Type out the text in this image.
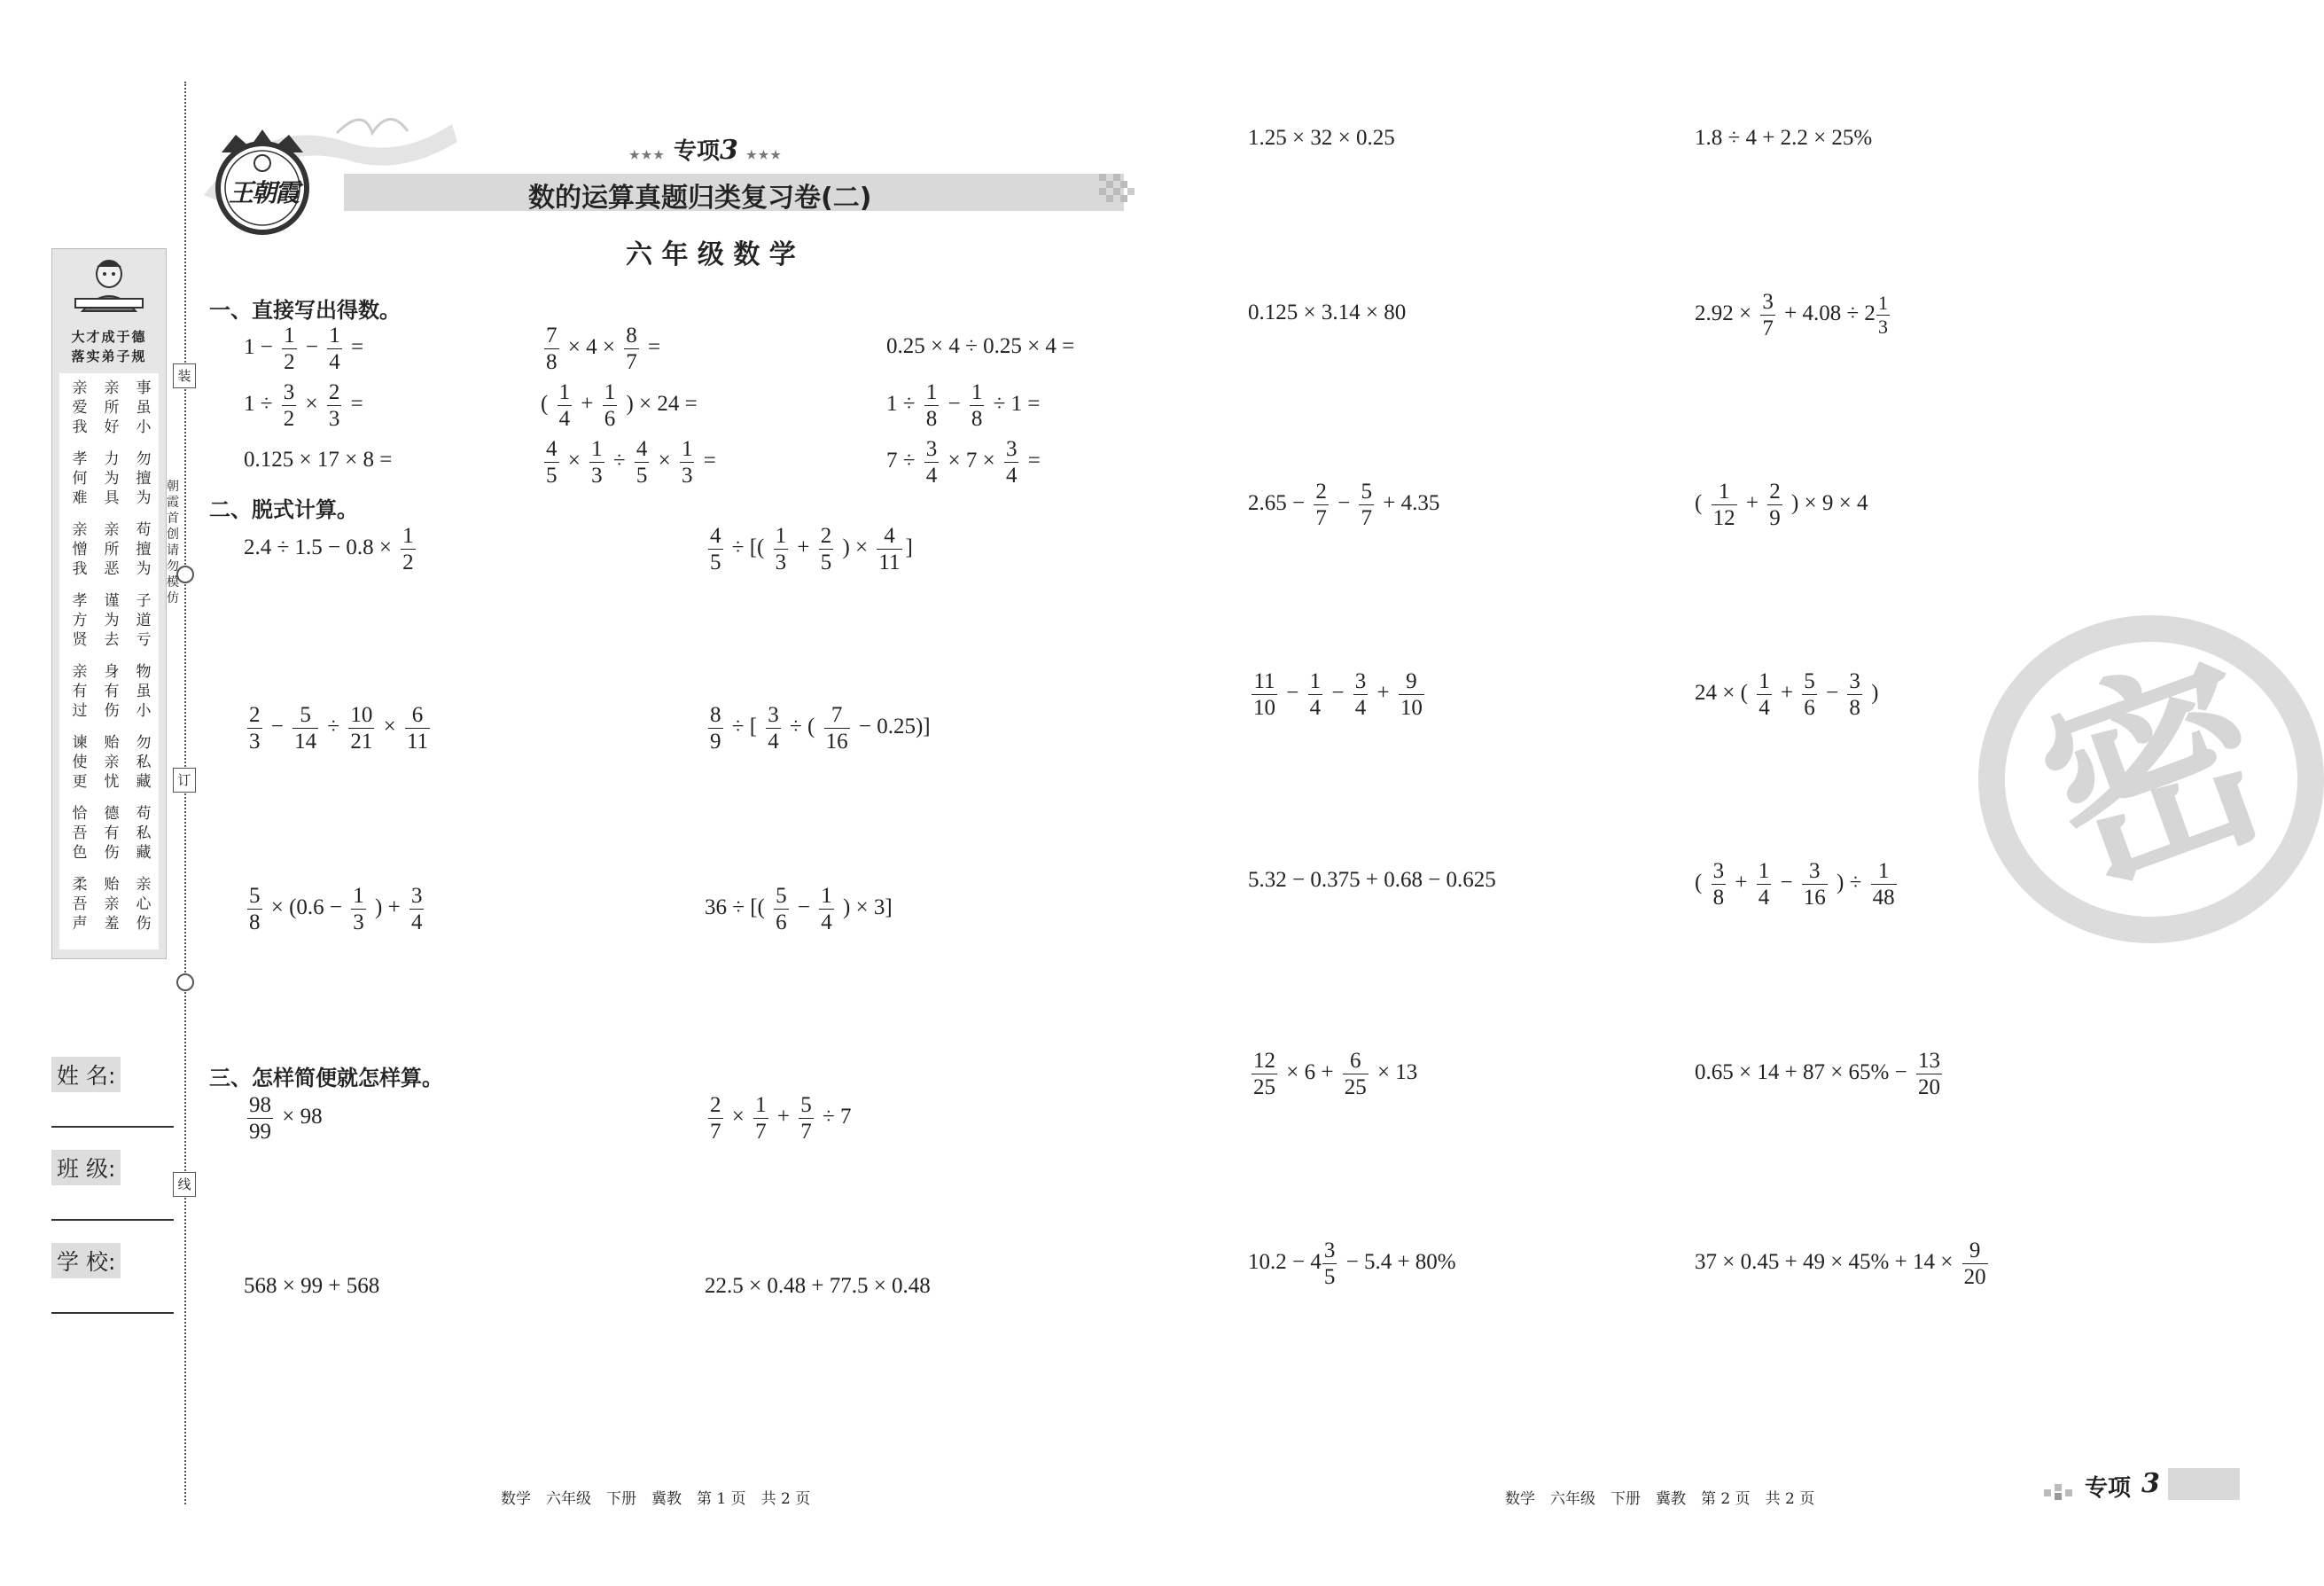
大才成于德
落实弟子规
亲爱我
亲所好
事虽小
孝何难
力为具
勿擅为
亲憎我
亲所恶
苟擅为
孝方贤
谨为去
子道亏
亲有过
身有伤
物虽小
谏使更
贻亲忧
勿私藏
恰吾色
德有伤
苟私藏
柔吾声
贻亲羞
亲心伤
装
订
线
朝霞首创 请勿模仿
姓 名:
班 级:
学 校:
王朝霞
★★★ 专项3 ★★★
数的运算真题归类复习卷(二)
六 年 级 数 学
一、直接写出得数。
二、脱式计算。
三、怎样简便就怎样算。
$1 - \frac{1}{2} - \frac{1}{4}$ =	$\frac{7}{8} \times 4 \times \frac{8}{7}$ =	0.25 × 4 ÷ 0.25 × 4 =
$1 \div \frac{3}{2} \times \frac{2}{3}$ =	( $\frac{1}{4} + \frac{1}{6}$ ) × 24 =	$1 \div \frac{1}{8} - \frac{1}{8} \div 1$ =
0.125 × 17 × 8 =	$\frac{4}{5} \times \frac{1}{3} \div \frac{4}{5} \times \frac{1}{3}$ =	$7 \div \frac{3}{4} \times 7 \times \frac{3}{4}$ =
$2.4 \div 1.5 - 0.8 \times \frac{1}{2}$	$\frac{4}{5}$ ÷ [( $\frac{1}{3} + \frac{2}{5}$ ) × $\frac{4}{11}$ ]
$\frac{2}{3} - \frac{5}{14} \div \frac{10}{21} \times \frac{6}{11}$	$\frac{8}{9}$ ÷ [ $\frac{3}{4}$ ÷ ( $\frac{7}{16} - 0.25$)]
$\frac{5}{8} \times (0.6 - \frac{1}{3}$ ) + $\frac{3}{4}$	36 ÷ [( $\frac{5}{6} - \frac{1}{4}$ ) × 3]
$\frac{98}{99} \times 98$	$\frac{2}{7} \times \frac{1}{7} + \frac{5}{7} \div 7$
568 × 99 + 568	22.5 × 0.48 + 77.5 × 0.48
1.25 × 32 × 0.25	1.8 ÷ 4 + 2.2 × 25%
0.125 × 3.14 × 80	$2.92 \times \frac{3}{7} + 4.08 \div 2 \frac{1}{3}$
$2.65 - \frac{2}{7} - \frac{5}{7} + 4.35$	( $\frac{1}{12} + \frac{2}{9}$ ) × 9 × 4
$\frac{11}{10} - \frac{1}{4} - \frac{3}{4} + \frac{9}{10}$	24 × ( $\frac{1}{4} + \frac{5}{6} - \frac{3}{8}$ )
5.32 − 0.375 + 0.68 − 0.625	( $\frac{3}{8} + \frac{1}{4} - \frac{3}{16}$ ) ÷ $\frac{1}{48}$
$\frac{12}{25} \times 6 + \frac{6}{25} \times 13$	$0.65 \times 14 + 87 \times 65\% - \frac{13}{20}$
$10.2 - 4 \frac{3}{5} - 5.4 + 80\%$	$37 \times 0.45 + 49 \times 45\% + 14 \times \frac{9}{20}$
密
数学　六年级　下册　冀教　第 1 页　共 2 页	数学　六年级　下册　冀教　第 2 页　共 2 页	专项 3
